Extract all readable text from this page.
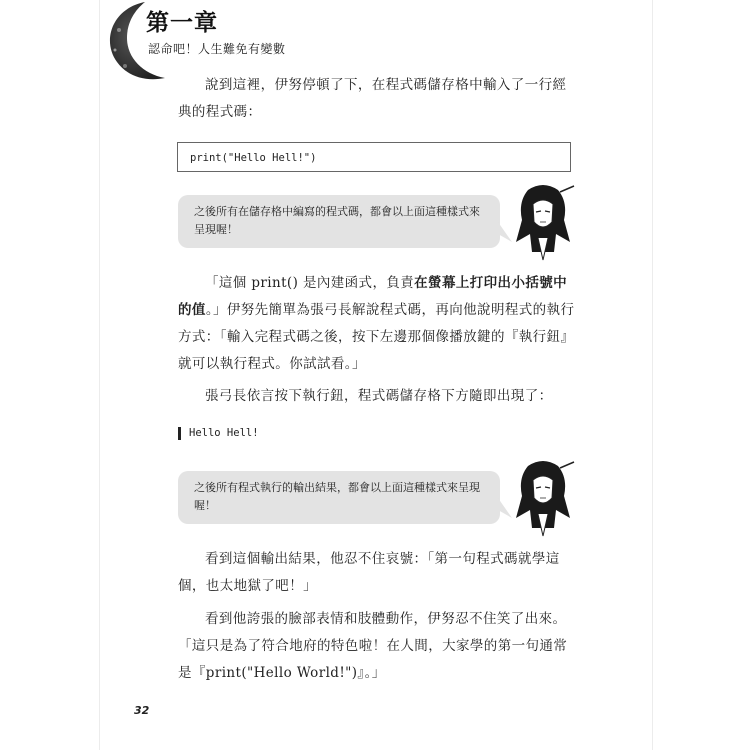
第一章
認命吧！人生難免有變數

說到這裡，伊努停頓了下，在程式碼儲存格中輸入了一行經典的程式碼：

print("Hello Hell!")
之後所有在儲存格中編寫的程式碼，都會以上面這種樣式來呈現喔！

「這個 print() 是內建函式，負責在螢幕上打印出小括號中的值。」伊努先簡單為張弓長解說程式碼，再向他說明程式的執行方式：「輸入完程式碼之後，按下左邊那個像播放鍵的『執行鈕』就可以執行程式。你試試看。」

張弓長依言按下執行鈕，程式碼儲存格下方隨即出現了：

Hello Hell!
之後所有程式執行的輸出結果，都會以上面這種樣式來呈現喔！

看到這個輸出結果，他忍不住哀號：「第一句程式碼就學這個，也太地獄了吧！」

看到他誇張的臉部表情和肢體動作，伊努忍不住笑了出來。「這只是為了符合地府的特色啦！在人間，大家學的第一句通常是『print("Hello World!")』。」

32
